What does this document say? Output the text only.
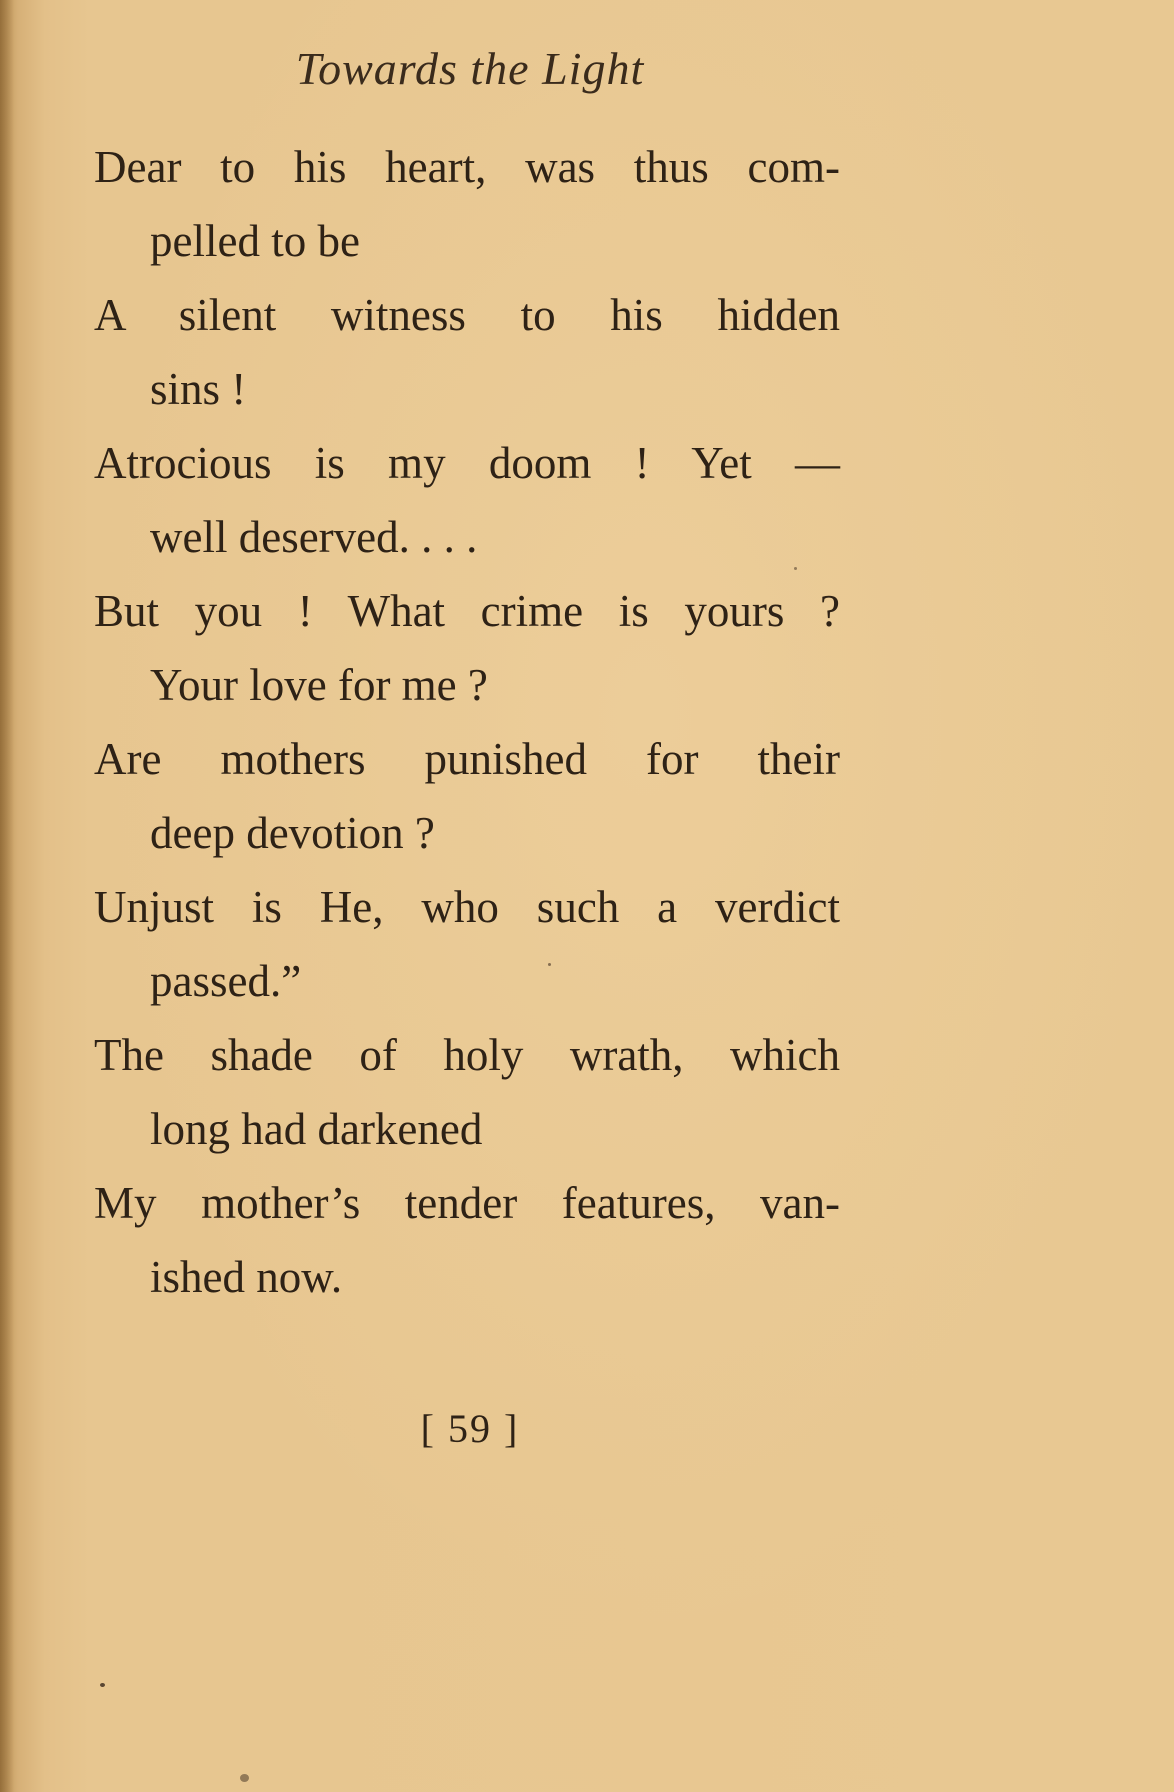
Towards the Light
Dear to his heart, was thus com-
pelled to be
A silent witness to his hidden
sins !
Atrocious is my doom ! Yet —
well deserved. . . .
But you ! What crime is yours ?
Your love for me ?
Are mothers punished for their
deep devotion ?
Unjust is He, who such a verdict
passed.”
The shade of holy wrath, which
long had darkened
My mother’s tender features, van-
ished now.
[ 59 ]
